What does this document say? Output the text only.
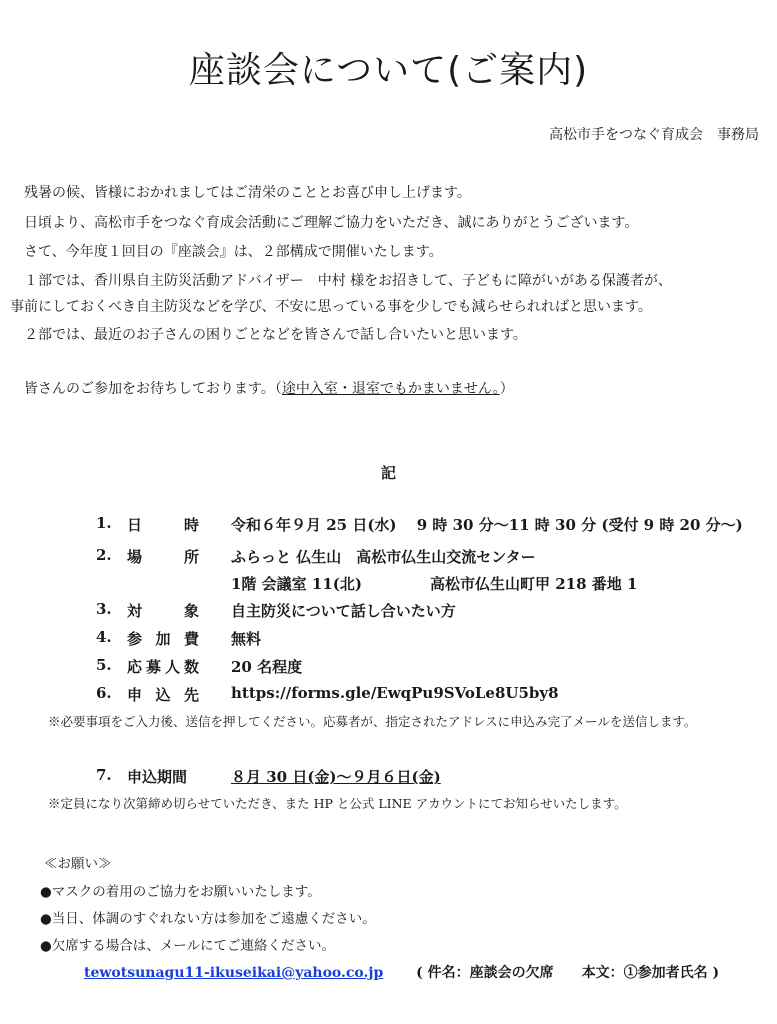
座談会について(ご案内)
高松市手をつなぐ育成会　事務局
残暑の候、皆様におかれましてはご清栄のこととお喜び申し上げます。
日頃より、高松市手をつなぐ育成会活動にご理解ご協力をいただき、誠にありがとうございます。
さて、今年度１回目の『座談会』は、２部構成で開催いたします。
１部では、香川県自主防災活動アドバイザー　中村 様をお招きして、子どもに障がいがある保護者が、
事前にしておくべき自主防災などを学び、不安に思っている事を少しでも減らせられればと思います。
２部では、最近のお子さんの困りごとなどを皆さんで話し合いたいと思います。
皆さんのご参加をお待ちしております。（途中入室・退室でもかまいません。）
記
1. 日　時 令和６年９月 25 日(水)　 9 時 30 分〜11 時 30 分 (受付 9 時 20 分〜)
2. 場　所 ふらっと 仏生山　高松市仏生山交流センター
1階 会議室 11(北)	高松市仏生山町甲 218 番地 1
3. 対　象 自主防災について話し合いたい方
4. 参加費 無料
5. 応募人数 20 名程度
6. 申込先 https://forms.gle/EwqPu9SVoLe8U5by8
※必要事項をご入力後、送信を押してください。応募者が、指定されたアドレスに申込み完了メールを送信します。
7. 申込期間	８月 30 日(金)〜９月６日(金)
※定員になり次第締め切らせていただき、また HP と公式 LINE アカウントにてお知らせいたします。
≪お願い≫
●マスクの着用のご協力をお願いいたします。
●当日、体調のすぐれない方は参加をご遠慮ください。
●欠席する場合は、メールにてご連絡ください。
tewotsunagu11-ikuseikai@yahoo.co.jp ( 件名：座談会の欠席　　本文：①参加者氏名 )
